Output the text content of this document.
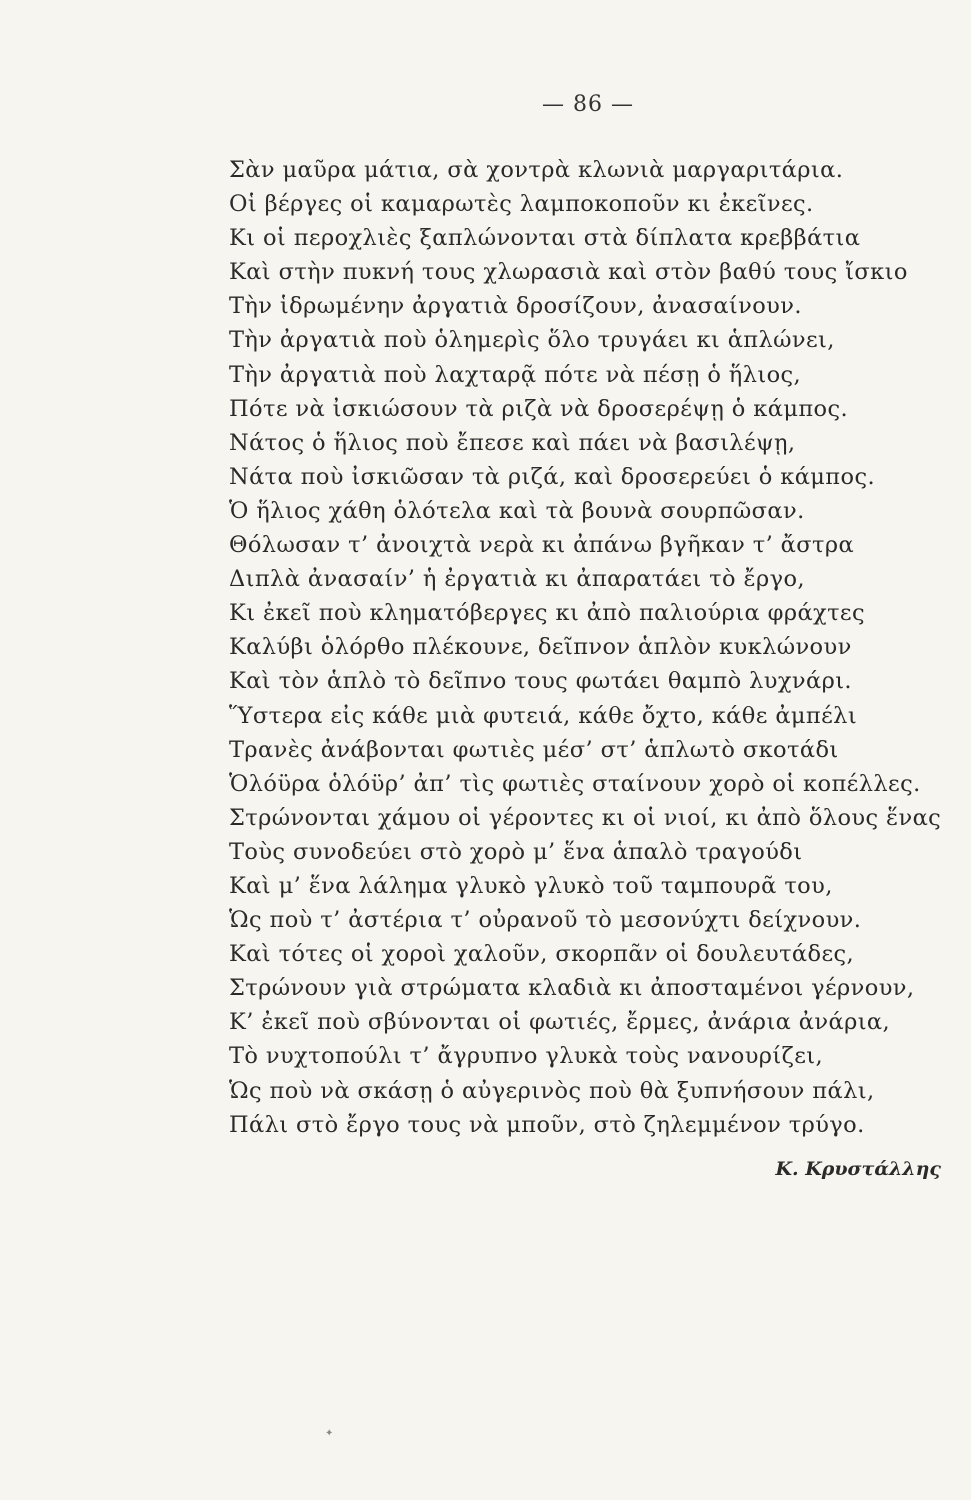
— 86 —
Σὰν μαῦρα μάτια, σὰ χοντρὰ κλωνιὰ μαργαριτάρια.
Οἱ βέργες οἱ καμαρωτὲς λαμποκοποῦν κι ἐκεῖνες.
Κι οἱ περοχλιὲς ξαπλώνονται στὰ δίπλατα κρεββάτια
Καὶ στὴν πυκνή τους χλωρασιὰ καὶ στὸν βαθύ τους ἴσκιο
Τὴν ἱδρωμένην ἀργατιὰ δροσίζουν, ἀνασαίνουν.
Τὴν ἀργατιὰ ποὺ ὁλημερὶς ὅλο τρυγάει κι ἁπλώνει,
Τὴν ἀργατιὰ ποὺ λαχταρᾷ πότε νὰ πέσῃ ὁ ἥλιος,
Πότε νὰ ἰσκιώσουν τὰ ριζὰ νὰ δροσερέψῃ ὁ κάμπος.
Νάτος ὁ ἥλιος ποὺ ἔπεσε καὶ πάει νὰ βασιλέψῃ,
Νάτα ποὺ ἰσκιῶσαν τὰ ριζά, καὶ δροσερεύει ὁ κάμπος.
Ὁ ἥλιος χάθη ὁλότελα καὶ τὰ βουνὰ σουρπῶσαν.
Θόλωσαν τ’ ἀνοιχτὰ νερὰ κι ἀπάνω βγῆκαν τ’ ἄστρα
Διπλὰ ἀνασαίν’ ἡ ἐργατιὰ κι ἀπαρατάει τὸ ἔργο,
Κι ἐκεῖ ποὺ κληματόβεργες κι ἀπὸ παλιούρια φράχτες
Καλύβι ὁλόρθο πλέκουνε, δεῖπνον ἁπλὸν κυκλώνουν
Καὶ τὸν ἁπλὸ τὸ δεῖπνο τους φωτάει θαμπὸ λυχνάρι.
Ὕστερα εἰς κάθε μιὰ φυτειά, κάθε ὄχτο, κάθε ἀμπέλι
Τρανὲς ἀνάβονται φωτιὲς μέσ’ στ’ ἁπλωτὸ σκοτάδι
Ὁλόϋρα ὁλόϋρ’ ἀπ’ τὶς φωτιὲς σταίνουν χορὸ οἱ κοπέλλες.
Στρώνονται χάμου οἱ γέροντες κι οἱ νιοί, κι ἀπὸ ὅλους ἕνας
Τοὺς συνοδεύει στὸ χορὸ μ’ ἕνα ἁπαλὸ τραγούδι
Καὶ μ’ ἕνα λάλημα γλυκὸ γλυκὸ τοῦ ταμπουρᾶ του,
Ὡς ποὺ τ’ ἀστέρια τ’ οὐρανοῦ τὸ μεσονύχτι δείχνουν.
Καὶ τότες οἱ χοροὶ χαλοῦν, σκορπᾶν οἱ δουλευτάδες,
Στρώνουν γιὰ στρώματα κλαδιὰ κι ἀποσταμένοι γέρνουν,
Κ’ ἐκεῖ ποὺ σβύνονται οἱ φωτιές, ἔρμες, ἀνάρια ἀνάρια,
Τὸ νυχτοπούλι τ’ ἄγρυπνο γλυκὰ τοὺς νανουρίζει,
Ὡς ποὺ νὰ σκάσῃ ὁ αὐγερινὸς ποὺ θὰ ξυπνήσουν πάλι,
Πάλι στὸ ἔργο τους νὰ μποῦν, στὸ ζηλεμμένον τρύγο.
Κ. Κρυστάλλης
✦
